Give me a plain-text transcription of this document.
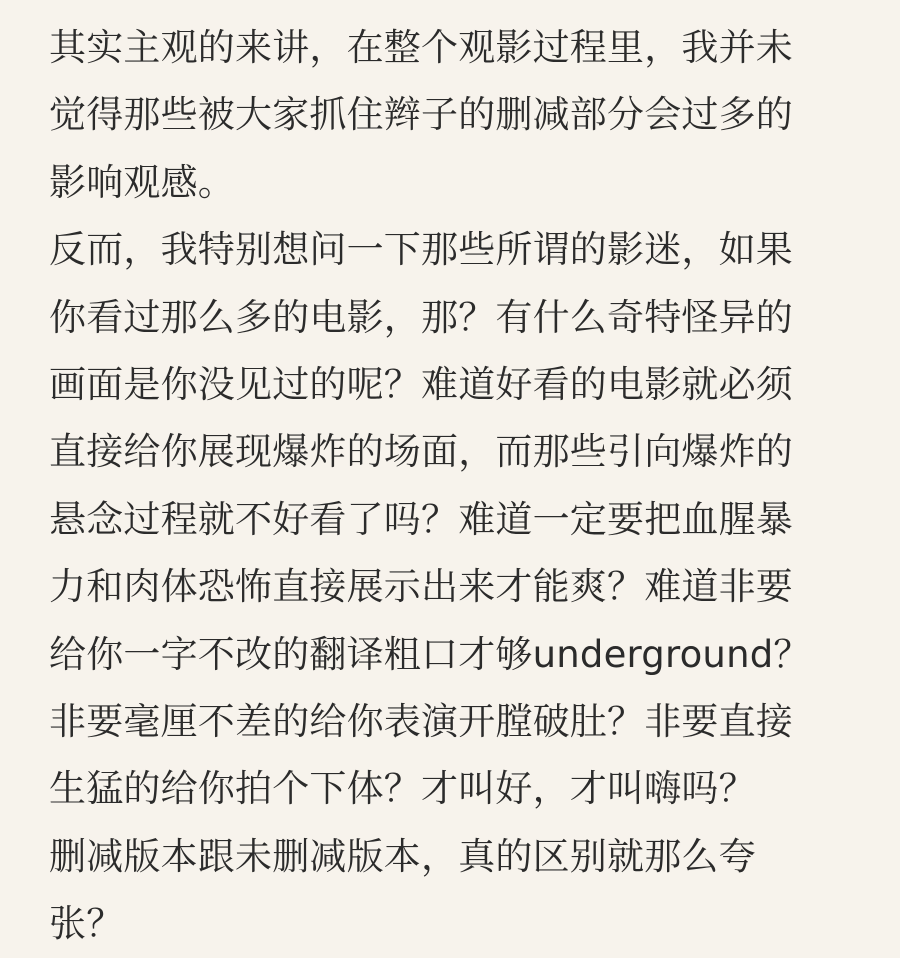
其实主观的来讲，在整个观影过程里，我并未
觉得那些被大家抓住辫子的删减部分会过多的
影响观感。
反而，我特别想问一下那些所谓的影迷，如果
你看过那么多的电影，那？有什么奇特怪异的
画面是你没见过的呢？难道好看的电影就必须
直接给你展现爆炸的场面，而那些引向爆炸的
悬念过程就不好看了吗？难道一定要把血腥暴
力和肉体恐怖直接展示出来才能爽？难道非要
给你一字不改的翻译粗口才够underground？
非要毫厘不差的给你表演开膛破肚？非要直接
生猛的给你拍个下体？才叫好，才叫嗨吗？
删减版本跟未删减版本，真的区别就那么夸
张？
